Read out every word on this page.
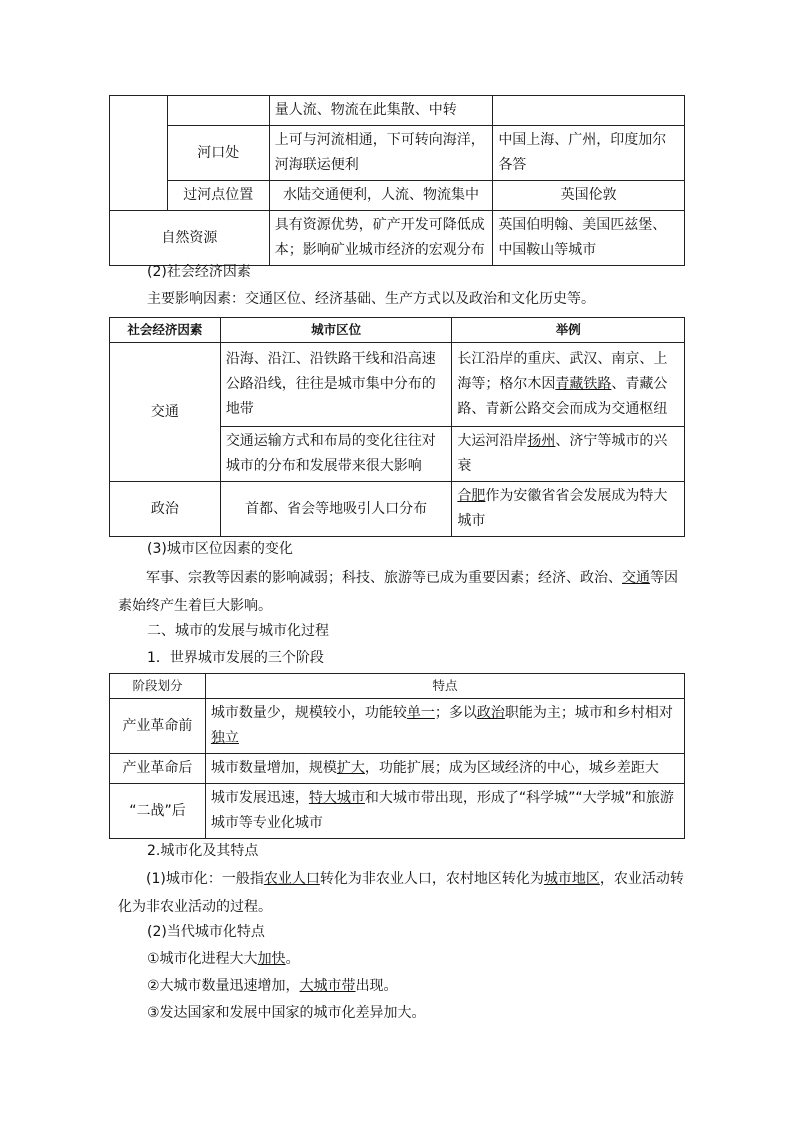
		量人流、物流在此集散、中转	
	河口处	上可与河流相通，下可转向海洋，河海联运便利	中国上海、广州，印度加尔各答
	过河点位置	水陆交通便利，人流、物流集中	英国伦敦
自然资源		具有资源优势，矿产开发可降低成本；影响矿业城市经济的宏观分布	英国伯明翰、美国匹兹堡、中国鞍山等城市
(2)社会经济因素
主要影响因素：交通区位、经济基础、生产方式以及政治和文化历史等。
社会经济因素	城市区位	举例
交通	沿海、沿江、沿铁路干线和沿高速公路沿线，往往是城市集中分布的地带	长江沿岸的重庆、武汉、南京、上海等；格尔木因青藏铁路、青藏公路、青新公路交会而成为交通枢纽
	交通运输方式和布局的变化往往对城市的分布和发展带来很大影响	大运河沿岸扬州、济宁等城市的兴衰
政治	首都、省会等地吸引人口分布	合肥作为安徽省省会发展成为特大城市
(3)城市区位因素的变化
军事、宗教等因素的影响减弱；科技、旅游等已成为重要因素；经济、政治、交通等因素始终产生着巨大影响。
二、城市的发展与城市化过程
1．世界城市发展的三个阶段
阶段划分	特点
产业革命前	城市数量少，规模较小，功能较单一；多以政治职能为主；城市和乡村相对独立
产业革命后	城市数量增加，规模扩大，功能扩展；成为区域经济的中心，城乡差距大
“二战”后	城市发展迅速，特大城市和大城市带出现，形成了“科学城”“大学城”和旅游城市等专业化城市
2.城市化及其特点
(1)城市化：一般指农业人口转化为非农业人口，农村地区转化为城市地区，农业活动转化为非农业活动的过程。
(2)当代城市化特点
①城市化进程大大加快。
②大城市数量迅速增加，大城市带出现。
③发达国家和发展中国家的城市化差异加大。
